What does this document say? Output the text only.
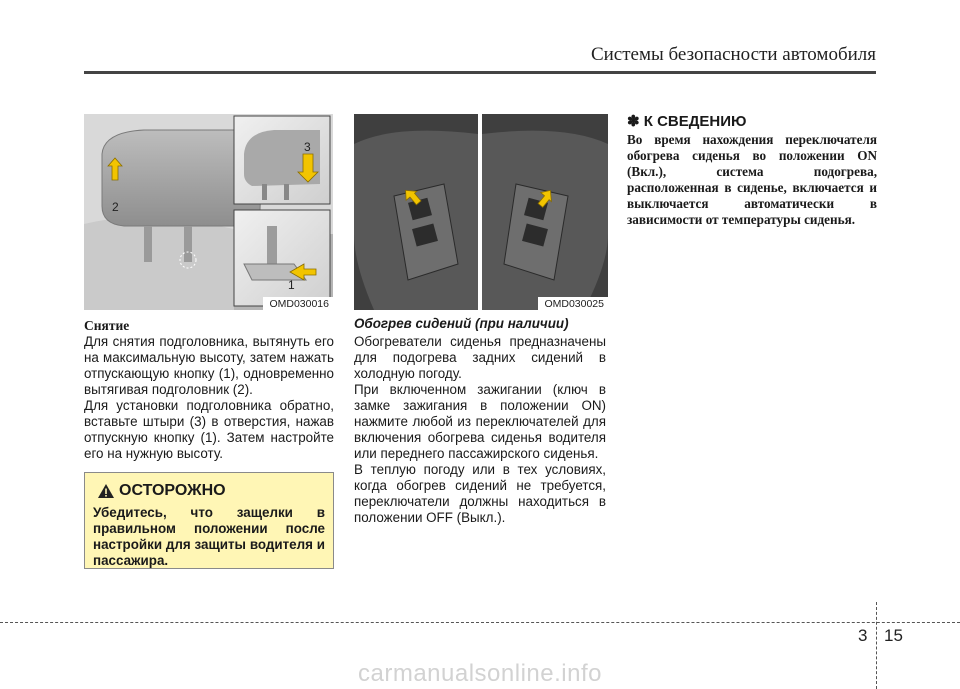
Системы безопасности автомобиля
1
2
3
OMD030016	OMD030025
Снятие

Для снятия подголовника, вытянуть его на максимальную высоту, затем нажать отпускающую кнопку (1), одновременно вытягивая подголовник (2).

Для установки подголовника обратно, вставьте штыри (3) в отверстия, нажав отпускную кнопку (1). Затем настройте его на нужную высоту.

ОСТОРОЖНО

Убедитесь, что защелки в правильном положении после настройки для защиты водителя и пассажира.

Обогрев сидений (при наличии)

Обогреватели сиденья предназначены для подогрева задних сидений в холодную погоду.

При включенном зажигании (ключ в замке зажигания в положении ON) нажмите любой из переключателей для включения обогрева сиденья водителя или переднего пассажирского сиденья.

В теплую погоду или в тех условиях, когда обогрев сидений не требуется, переключатели должны находиться в положении OFF (Выкл.).

✽ К СВЕДЕНИЮ

Во время нахождения переключателя обогрева сиденья во положении ON (Вкл.), система подогрева, расположенная в сиденье, включается и выключается автоматически в зависимости от температуры сиденья.

3 15
carmanualsonline.info
